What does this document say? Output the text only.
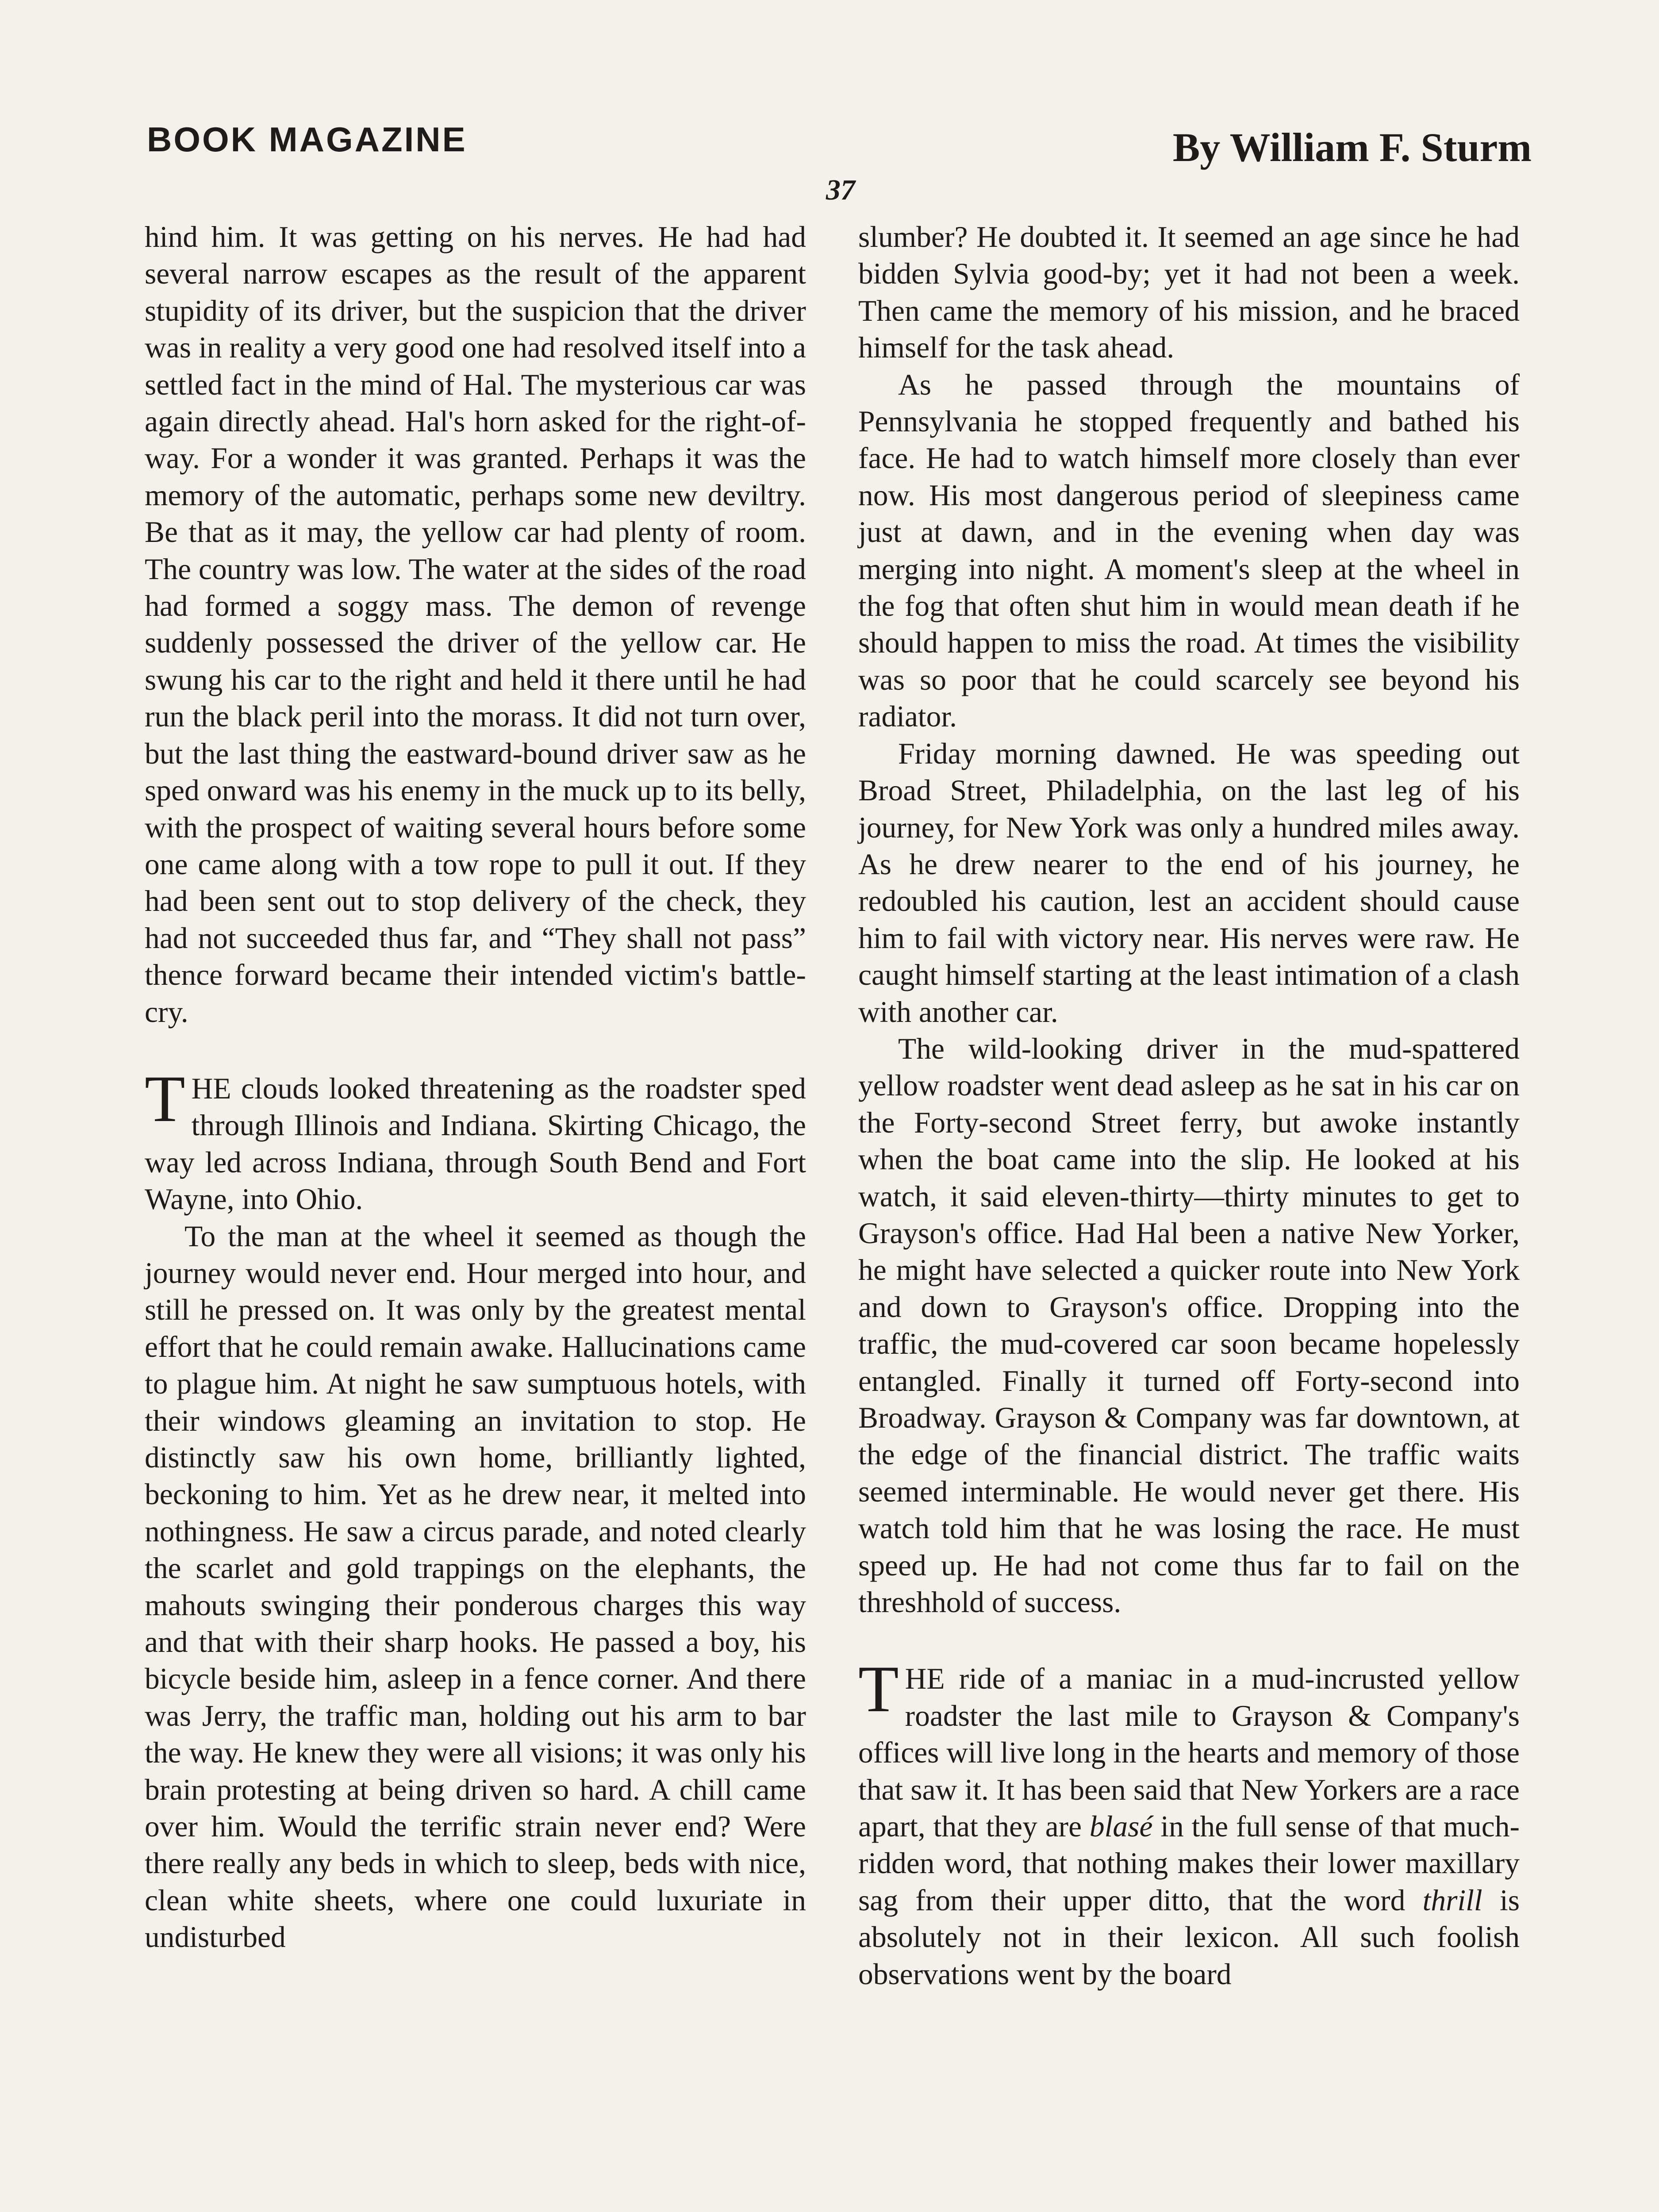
BOOK MAGAZINE	By William F. Sturm
37

hind him. It was getting on his nerves. He had had several narrow escapes as the result of the apparent stupidity of its driver, but the suspicion that the driver was in reality a very good one had resolved itself into a settled fact in the mind of Hal. The mysterious car was again directly ahead. Hal's horn asked for the right-of-way. For a wonder it was granted. Perhaps it was the memory of the automatic, perhaps some new deviltry. Be that as it may, the yellow car had plenty of room. The country was low. The water at the sides of the road had formed a soggy mass. The demon of revenge suddenly possessed the driver of the yellow car. He swung his car to the right and held it there until he had run the black peril into the morass. It did not turn over, but the last thing the eastward-bound driver saw as he sped onward was his enemy in the muck up to its belly, with the prospect of waiting several hours before some one came along with a tow rope to pull it out. If they had been sent out to stop delivery of the check, they had not succeeded thus far, and “They shall not pass” thence forward became their intended victim's battle-cry.

THE clouds looked threatening as the roadster sped through Illinois and Indiana. Skirting Chicago, the way led across Indiana, through South Bend and Fort Wayne, into Ohio.

To the man at the wheel it seemed as though the journey would never end. Hour merged into hour, and still he pressed on. It was only by the greatest mental effort that he could remain awake. Hallucinations came to plague him. At night he saw sumptuous hotels, with their windows gleaming an invitation to stop. He distinctly saw his own home, brilliantly lighted, beckoning to him. Yet as he drew near, it melted into nothingness. He saw a circus parade, and noted clearly the scarlet and gold trappings on the elephants, the mahouts swinging their ponderous charges this way and that with their sharp hooks. He passed a boy, his bicycle beside him, asleep in a fence corner. And there was Jerry, the traffic man, holding out his arm to bar the way. He knew they were all visions; it was only his brain protesting at being driven so hard. A chill came over him. Would the terrific strain never end? Were there really any beds in which to sleep, beds with nice, clean white sheets, where one could luxuriate in undisturbed

slumber? He doubted it. It seemed an age since he had bidden Sylvia good-by; yet it had not been a week. Then came the memory of his mission, and he braced himself for the task ahead.

As he passed through the mountains of Pennsylvania he stopped frequently and bathed his face. He had to watch himself more closely than ever now. His most dangerous period of sleepiness came just at dawn, and in the evening when day was merging into night. A moment's sleep at the wheel in the fog that often shut him in would mean death if he should happen to miss the road. At times the visibility was so poor that he could scarcely see beyond his radiator.

Friday morning dawned. He was speeding out Broad Street, Philadelphia, on the last leg of his journey, for New York was only a hundred miles away. As he drew nearer to the end of his journey, he redoubled his caution, lest an accident should cause him to fail with victory near. His nerves were raw. He caught himself starting at the least intimation of a clash with another car.

The wild-looking driver in the mud-spattered yellow roadster went dead asleep as he sat in his car on the Forty-second Street ferry, but awoke instantly when the boat came into the slip. He looked at his watch, it said eleven-thirty—thirty minutes to get to Grayson's office. Had Hal been a native New Yorker, he might have selected a quicker route into New York and down to Grayson's office. Dropping into the traffic, the mud-covered car soon became hopelessly entangled. Finally it turned off Forty-second into Broadway. Grayson & Company was far downtown, at the edge of the financial district. The traffic waits seemed interminable. He would never get there. His watch told him that he was losing the race. He must speed up. He had not come thus far to fail on the threshhold of success.

THE ride of a maniac in a mud-incrusted yellow roadster the last mile to Grayson & Company's offices will live long in the hearts and memory of those that saw it. It has been said that New Yorkers are a race apart, that they are blasé in the full sense of that much-ridden word, that nothing makes their lower maxillary sag from their upper ditto, that the word thrill is absolutely not in their lexicon. All such foolish observations went by the board
